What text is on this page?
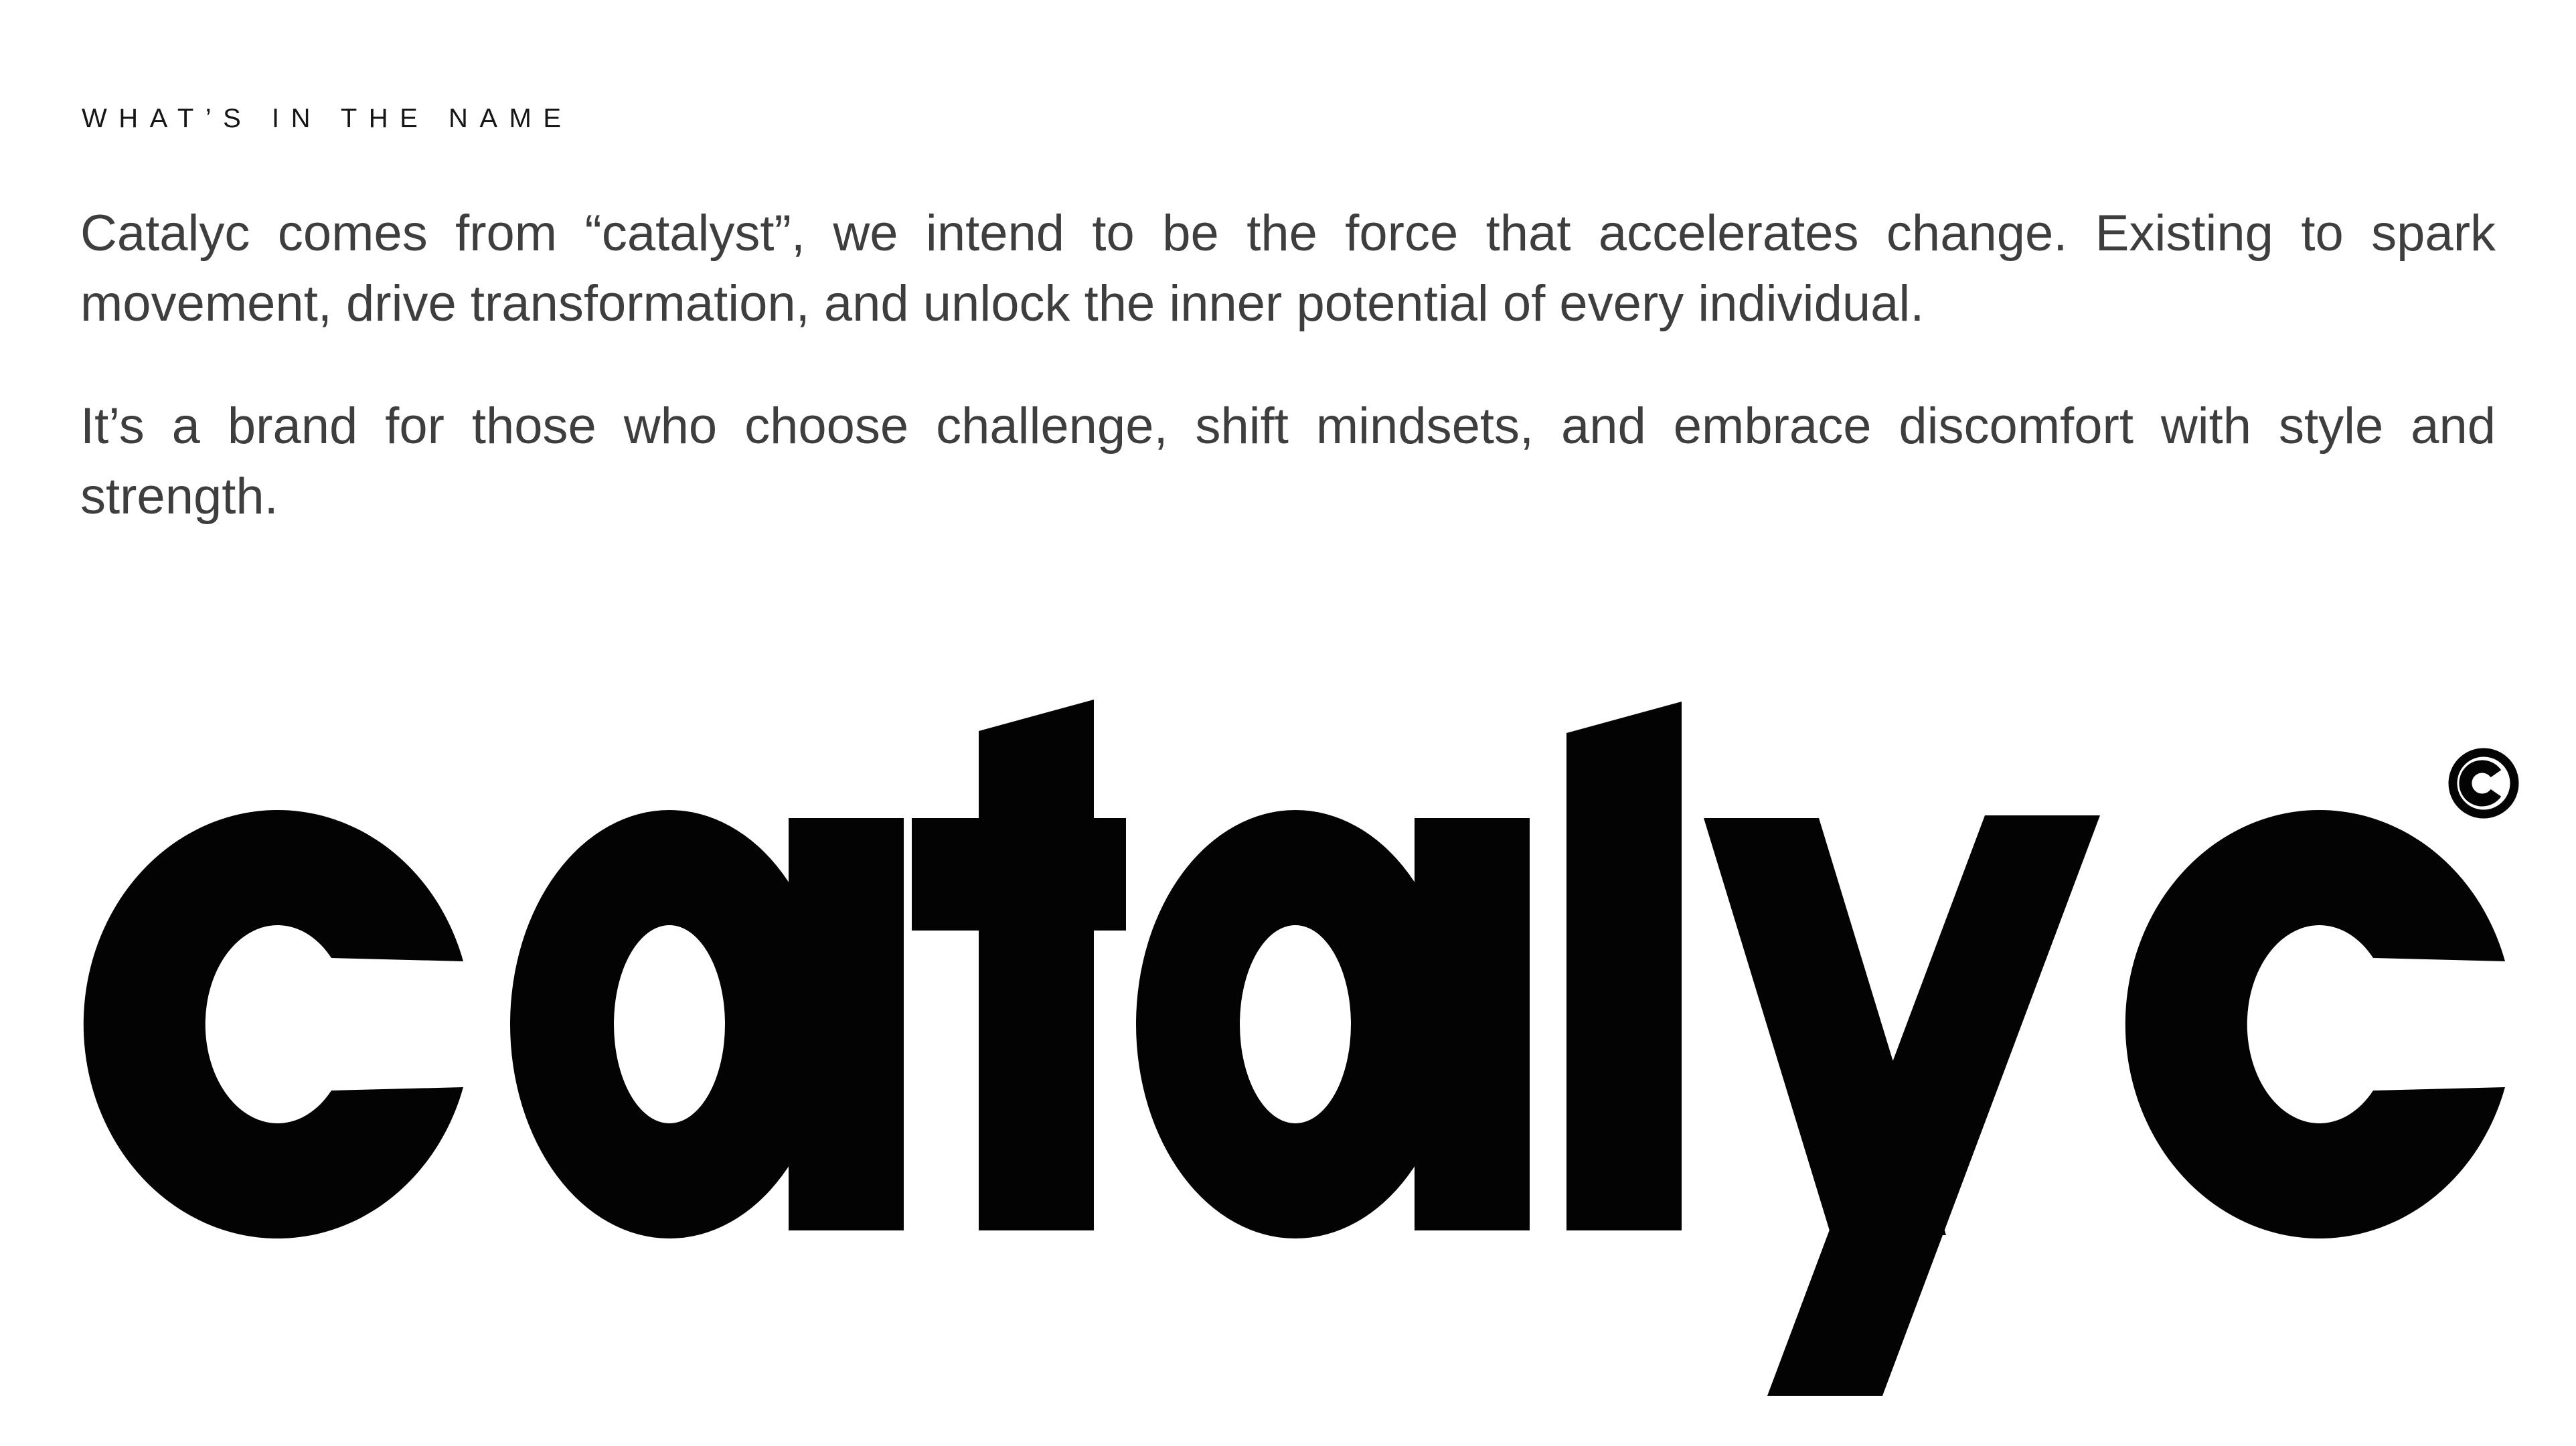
WHAT’S IN THE NAME
Catalyc comes from “catalyst”, we intend to be the force that accelerates change. Existing to spark
movement, drive transformation, and unlock the inner potential of every individual.
It’s a brand for those who choose challenge, shift mindsets, and embrace discomfort with style and
strength.
